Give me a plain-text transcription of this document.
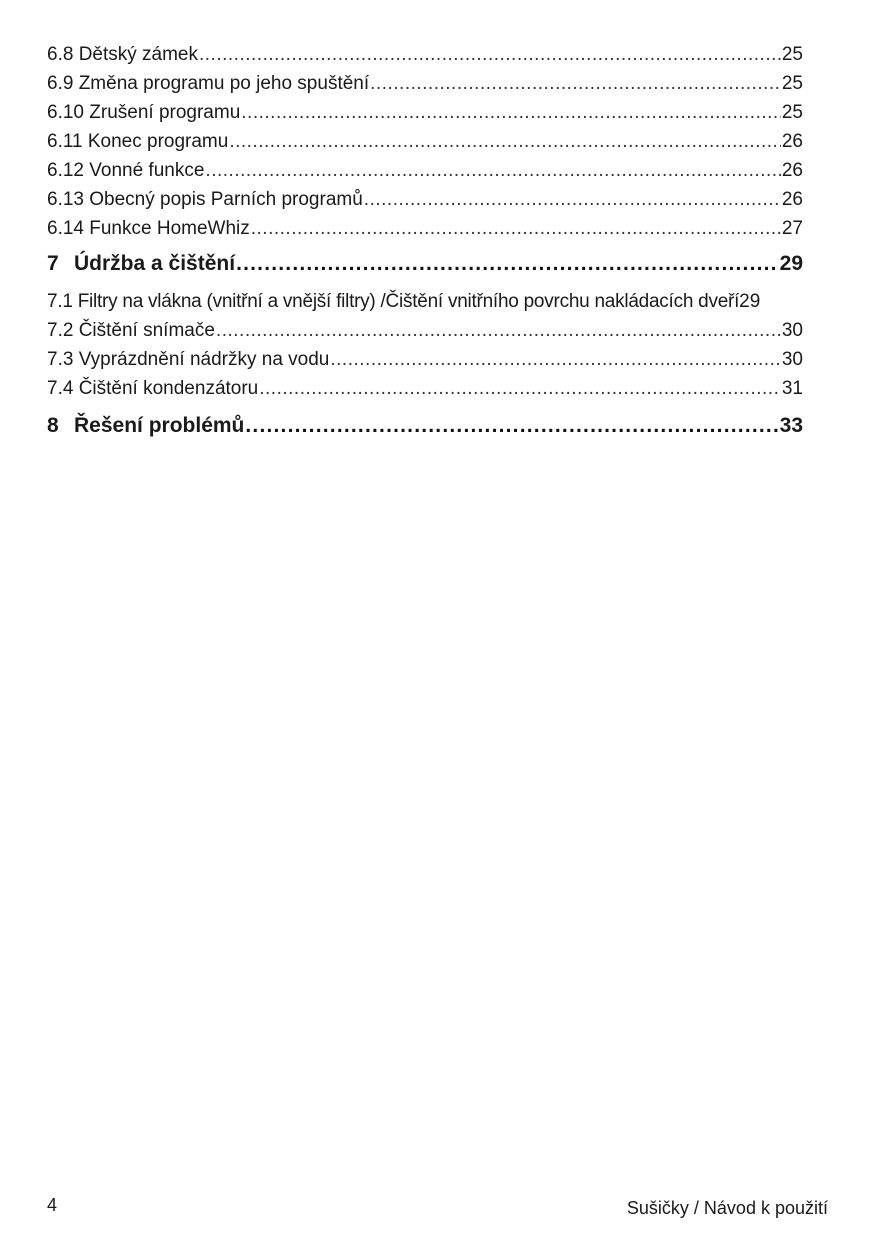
6.8 Dětský zámek .....	25
6.9 Změna programu po jeho spuštění .....	25
6.10 Zrušení programu .....	25
6.11 Konec programu .....	26
6.12 Vonné funkce .....	26
6.13 Obecný popis Parních programů .....	26
6.14 Funkce HomeWhiz .....	27
7 Údržba a čištění .....	29
7.1 Filtry na vlákna (vnitřní a vnější filtry) /Čištění vnitřního povrchu nakládacích dveří 29
7.2 Čištění snímače .....	30
7.3 Vyprázdnění nádržky na vodu .....	30
7.4 Čištění kondenzátoru .....	31
8 Řešení problémů .....	33
4	Sušičky / Návod k použití
